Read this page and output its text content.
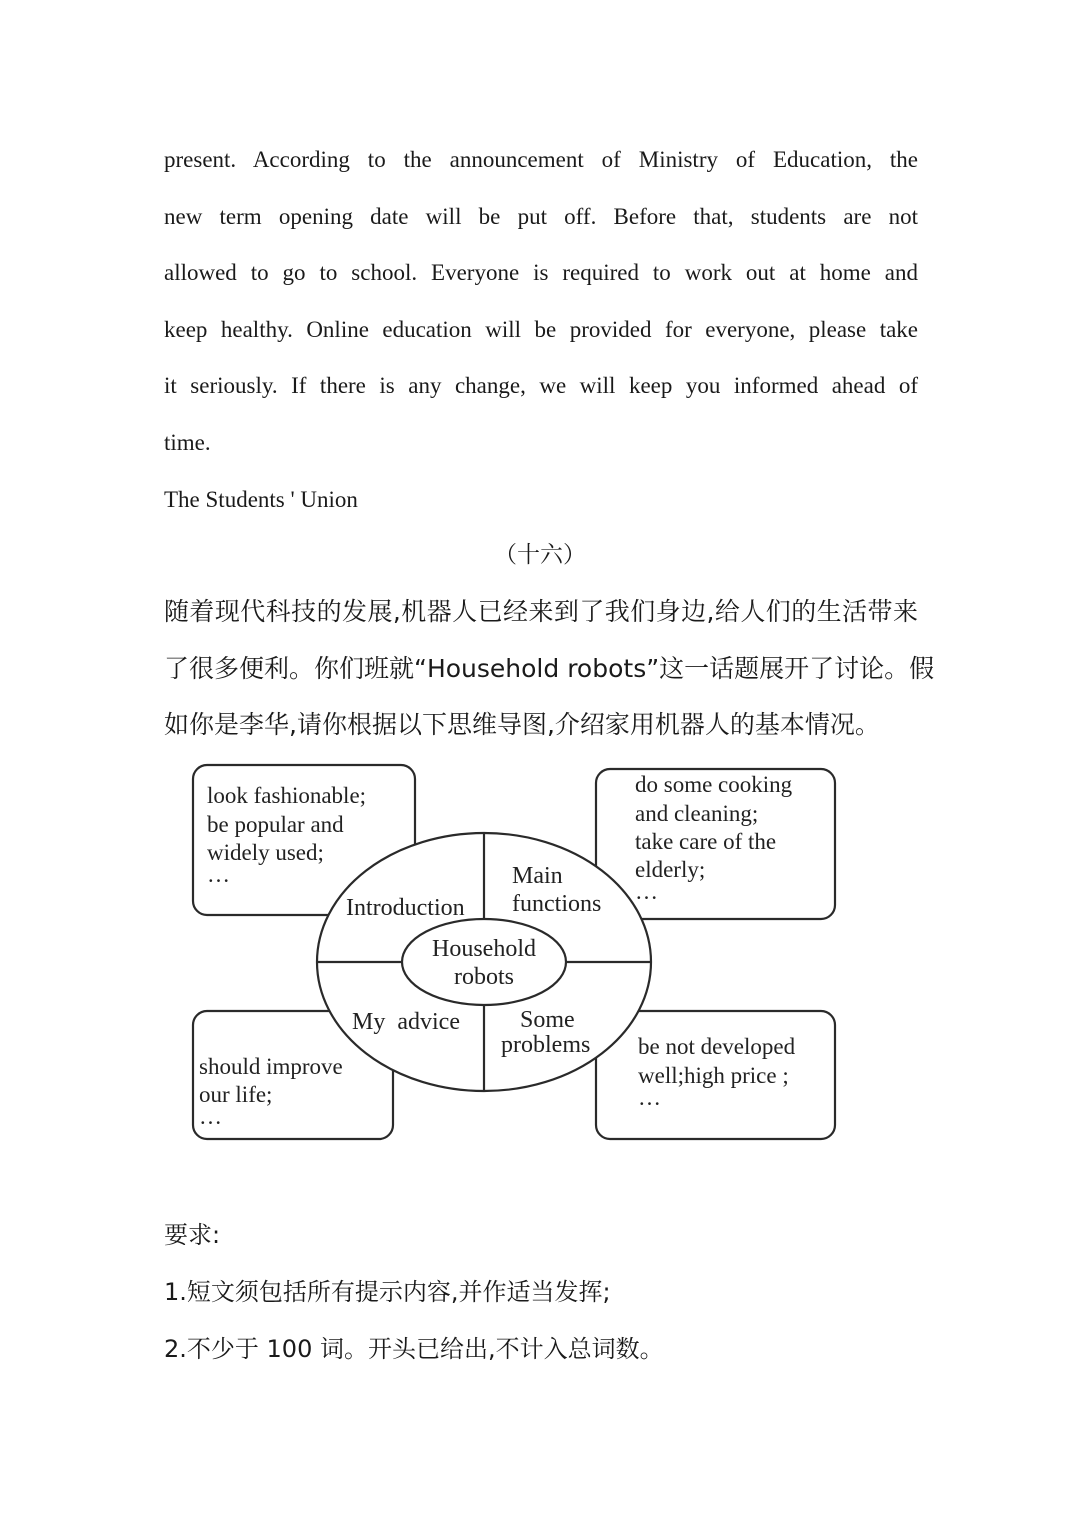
present. According to the announcement of Ministry of Education, the
new term opening date will be put off. Before that, students are not
allowed to go to school. Everyone is required to work out at home and
keep healthy. Online education will be provided for everyone, please take
it seriously. If there is any change, we will keep you informed ahead of
time.
The Students ' Union
（十六）
随着现代科技的发展,机器人已经来到了我们身边,给人们的生活带来
了很多便利。你们班就“Household robots”这一话题展开了讨论。假
如你是李华,请你根据以下思维导图,介绍家用机器人的基本情况。
Household
robots
Introduction
Main
functions
My  advice	Some
problems
look fashionable;
be popular and
widely used;
…
do some cooking
and cleaning;
take care of the
elderly;
…
should improve
our life;
…
be not developed
well;high price ;
…
要求:
1.短文须包括所有提示内容,并作适当发挥;
2.不少于 100 词。开头已给出,不计入总词数。
